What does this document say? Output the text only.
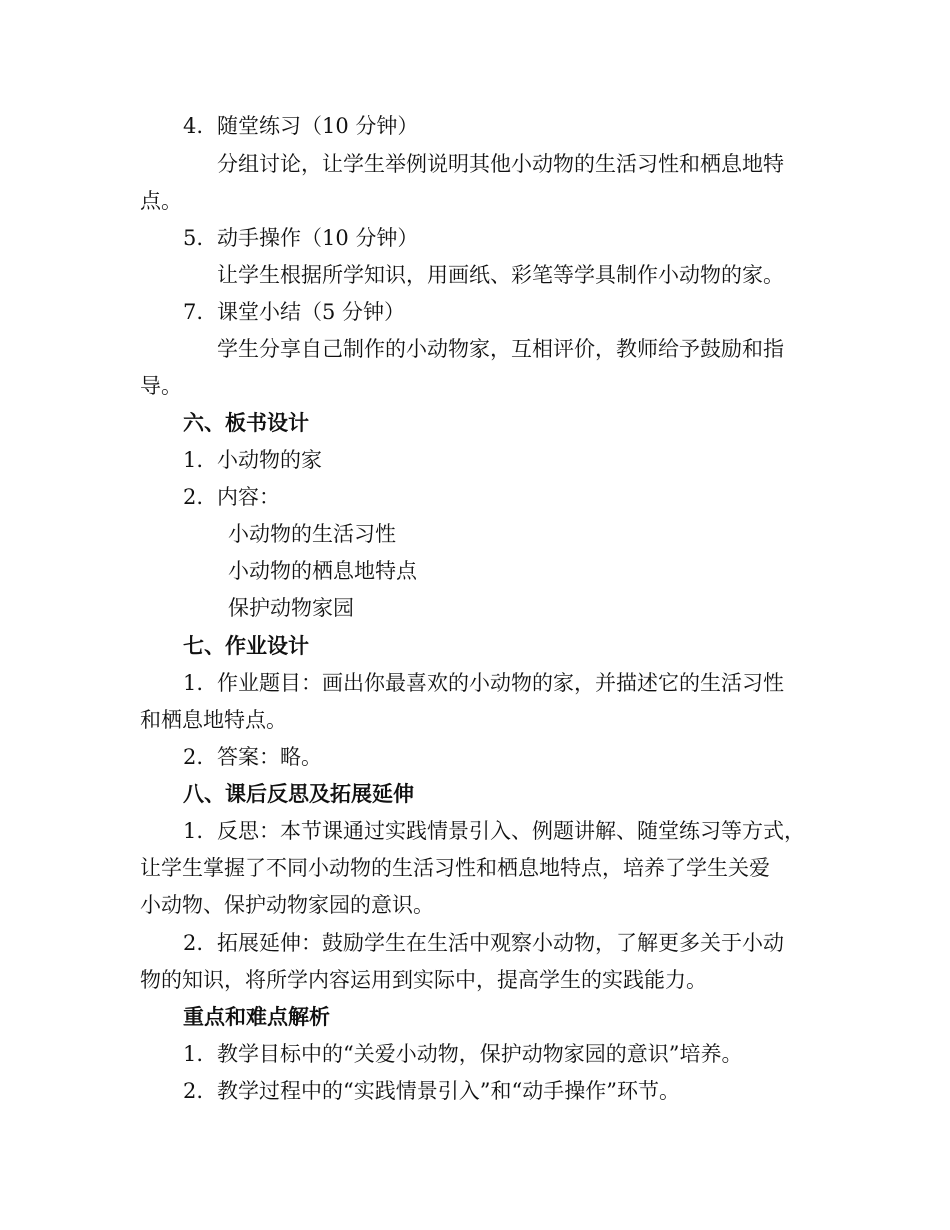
4. 随堂练习（10 分钟）
分组讨论，让学生举例说明其他小动物的生活习性和栖息地特
点。
5. 动手操作（10 分钟）
让学生根据所学知识，用画纸、彩笔等学具制作小动物的家。
7. 课堂小结（5 分钟）
学生分享自己制作的小动物家，互相评价，教师给予鼓励和指
导。
六、板书设计
1. 小动物的家
2. 内容：
小动物的生活习性
小动物的栖息地特点
保护动物家园
七、作业设计
1. 作业题目：画出你最喜欢的小动物的家，并描述它的生活习性
和栖息地特点。
2. 答案：略。
八、课后反思及拓展延伸
1. 反思：本节课通过实践情景引入、例题讲解、随堂练习等方式，
让学生掌握了不同小动物的生活习性和栖息地特点，培养了学生关爱
小动物、保护动物家园的意识。
2. 拓展延伸：鼓励学生在生活中观察小动物，了解更多关于小动
物的知识，将所学内容运用到实际中，提高学生的实践能力。
重点和难点解析
1. 教学目标中的“关爱小动物，保护动物家园的意识”培养。
2. 教学过程中的“实践情景引入”和“动手操作”环节。
